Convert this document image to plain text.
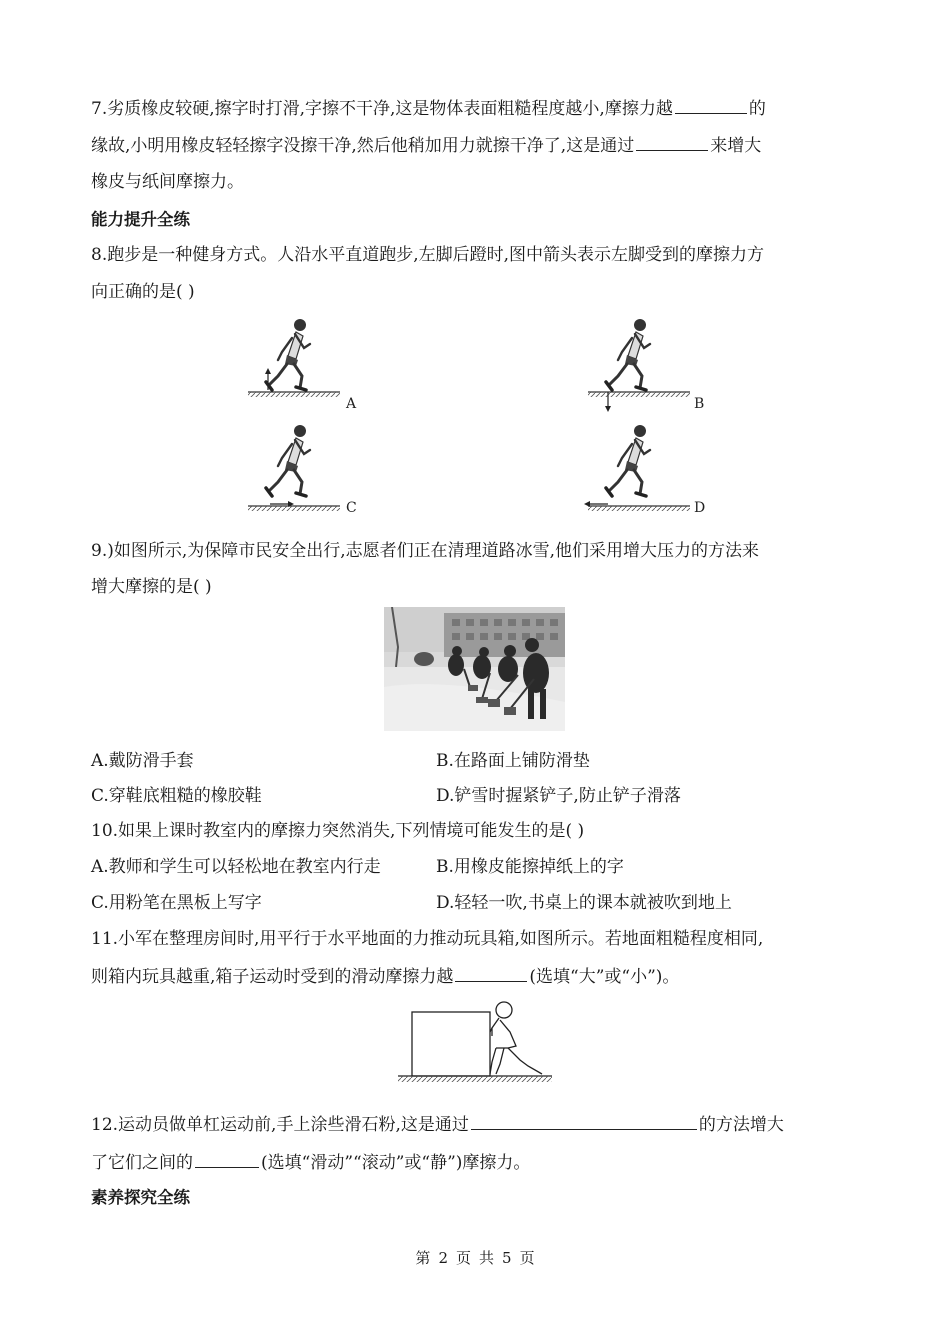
7.劣质橡皮较硬,擦字时打滑,字擦不干净,这是物体表面粗糙程度越小,摩擦力越	的
缘故,小明用橡皮轻轻擦字没擦干净,然后他稍加用力就擦干净了,这是通过	来增大
橡皮与纸间摩擦力。
能力提升全练
8.跑步是一种健身方式。人沿水平直道跑步,左脚后蹬时,图中箭头表示左脚受到的摩擦力方
向正确的是( )
A	B
C	D
9.)如图所示,为保障市民安全出行,志愿者们正在清理道路冰雪,他们采用增大压力的方法来
增大摩擦的是( )
A.戴防滑手套	B.在路面上铺防滑垫
C.穿鞋底粗糙的橡胶鞋	D.铲雪时握紧铲子,防止铲子滑落
10.如果上课时教室内的摩擦力突然消失,下列情境可能发生的是( )
A.教师和学生可以轻松地在教室内行走	B.用橡皮能擦掉纸上的字
C.用粉笔在黑板上写字	D.轻轻一吹,书桌上的课本就被吹到地上
11.小军在整理房间时,用平行于水平地面的力推动玩具箱,如图所示。若地面粗糙程度相同,
则箱内玩具越重,箱子运动时受到的滑动摩擦力越	(选填“大”或“小”)。
12.运动员做单杠运动前,手上涂些滑石粉,这是通过	的方法增大
了它们之间的	(选填“滑动”“滚动”或“静”)摩擦力。
素养探究全练
第 2 页 共 5 页
